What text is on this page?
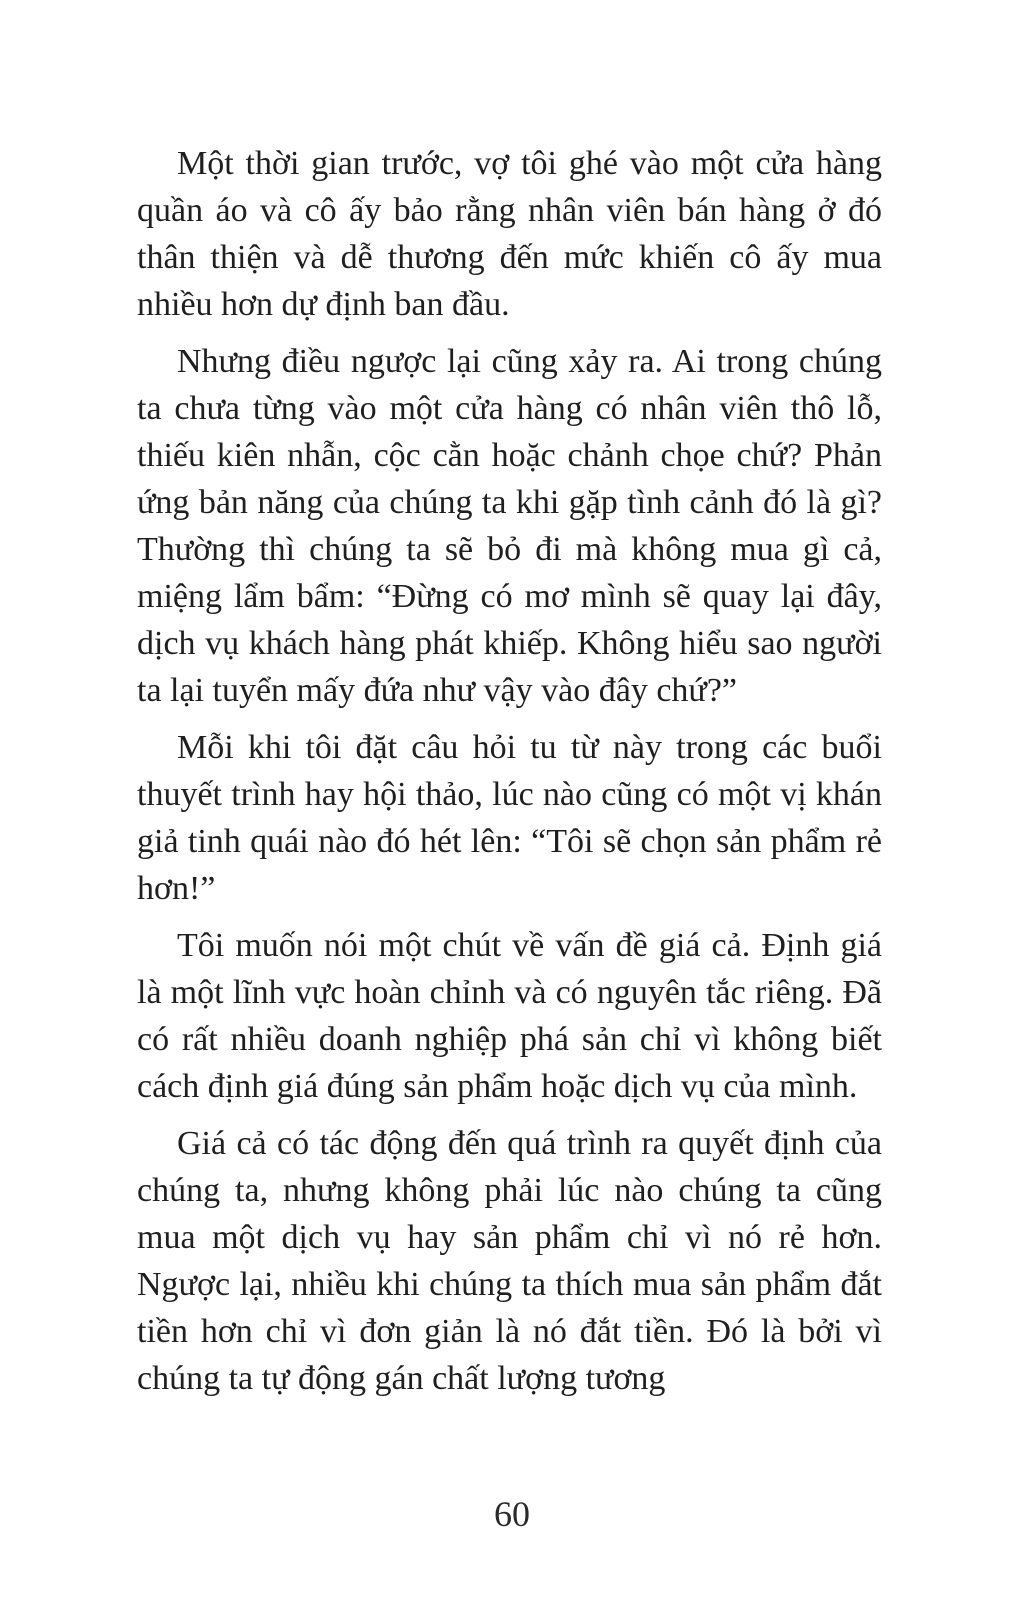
Một thời gian trước, vợ tôi ghé vào một cửa hàng quần áo và cô ấy bảo rằng nhân viên bán hàng ở đó thân thiện và dễ thương đến mức khiến cô ấy mua nhiều hơn dự định ban đầu.

Nhưng điều ngược lại cũng xảy ra. Ai trong chúng ta chưa từng vào một cửa hàng có nhân viên thô lỗ, thiếu kiên nhẫn, cộc cằn hoặc chảnh chọe chứ? Phản ứng bản năng của chúng ta khi gặp tình cảnh đó là gì? Thường thì chúng ta sẽ bỏ đi mà không mua gì cả, miệng lẩm bẩm: “Đừng có mơ mình sẽ quay lại đây, dịch vụ khách hàng phát khiếp. Không hiểu sao người ta lại tuyển mấy đứa như vậy vào đây chứ?”

Mỗi khi tôi đặt câu hỏi tu từ này trong các buổi thuyết trình hay hội thảo, lúc nào cũng có một vị khán giả tinh quái nào đó hét lên: “Tôi sẽ chọn sản phẩm rẻ hơn!”

Tôi muốn nói một chút về vấn đề giá cả. Định giá là một lĩnh vực hoàn chỉnh và có nguyên tắc riêng. Đã có rất nhiều doanh nghiệp phá sản chỉ vì không biết cách định giá đúng sản phẩm hoặc dịch vụ của mình.

Giá cả có tác động đến quá trình ra quyết định của chúng ta, nhưng không phải lúc nào chúng ta cũng mua một dịch vụ hay sản phẩm chỉ vì nó rẻ hơn. Ngược lại, nhiều khi chúng ta thích mua sản phẩm đắt tiền hơn chỉ vì đơn giản là nó đắt tiền. Đó là bởi vì chúng ta tự động gán chất lượng tương

60
